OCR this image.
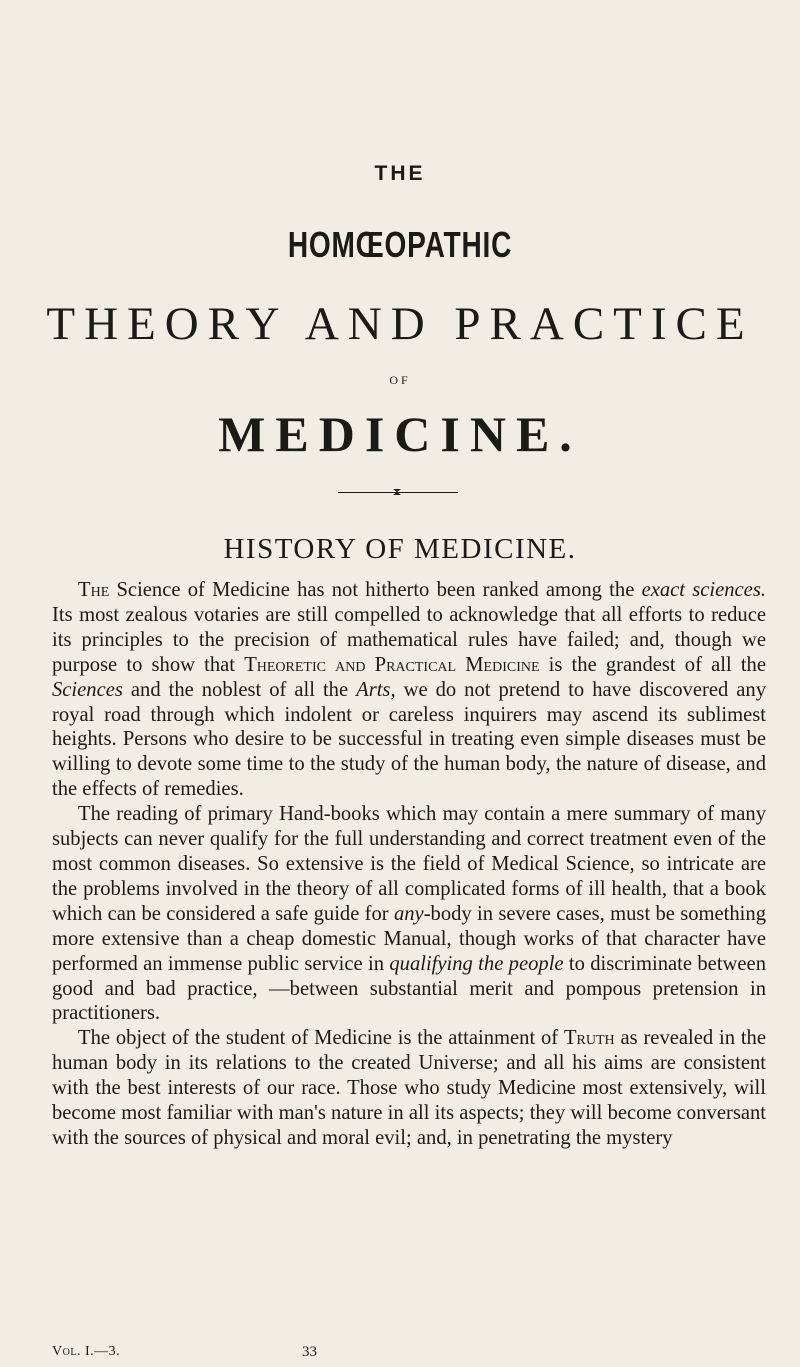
THE
HOMŒOPATHIC
THEORY AND PRACTICE
OF
MEDICINE.
HISTORY OF MEDICINE.

The Science of Medicine has not hitherto been ranked among the exact sciences. Its most zealous votaries are still compelled to acknowledge that all efforts to reduce its principles to the precision of mathematical rules have failed; and, though we purpose to show that Theoretic and Practical Medicine is the grandest of all the Sciences and the noblest of all the Arts, we do not pretend to have discovered any royal road through which indolent or careless inquirers may ascend its sublimest heights. Persons who desire to be successful in treating even simple diseases must be willing to devote some time to the study of the human body, the nature of disease, and the effects of remedies.

The reading of primary Hand-books which may contain a mere summary of many subjects can never qualify for the full understanding and correct treatment even of the most common diseases. So extensive is the field of Medical Science, so intricate are the problems involved in the theory of all complicated forms of ill health, that a book which can be considered a safe guide for any-body in severe cases, must be something more extensive than a cheap domestic Manual, though works of that character have performed an immense public service in qualifying the people to discriminate between good and bad practice, —between substantial merit and pompous pretension in practitioners.

The object of the student of Medicine is the attainment of Truth as revealed in the human body in its relations to the created Universe; and all his aims are consistent with the best interests of our race. Those who study Medicine most extensively, will become most familiar with man's nature in all its aspects; they will become conversant with the sources of physical and moral evil; and, in penetrating the mystery

Vol. I.—3.	33
